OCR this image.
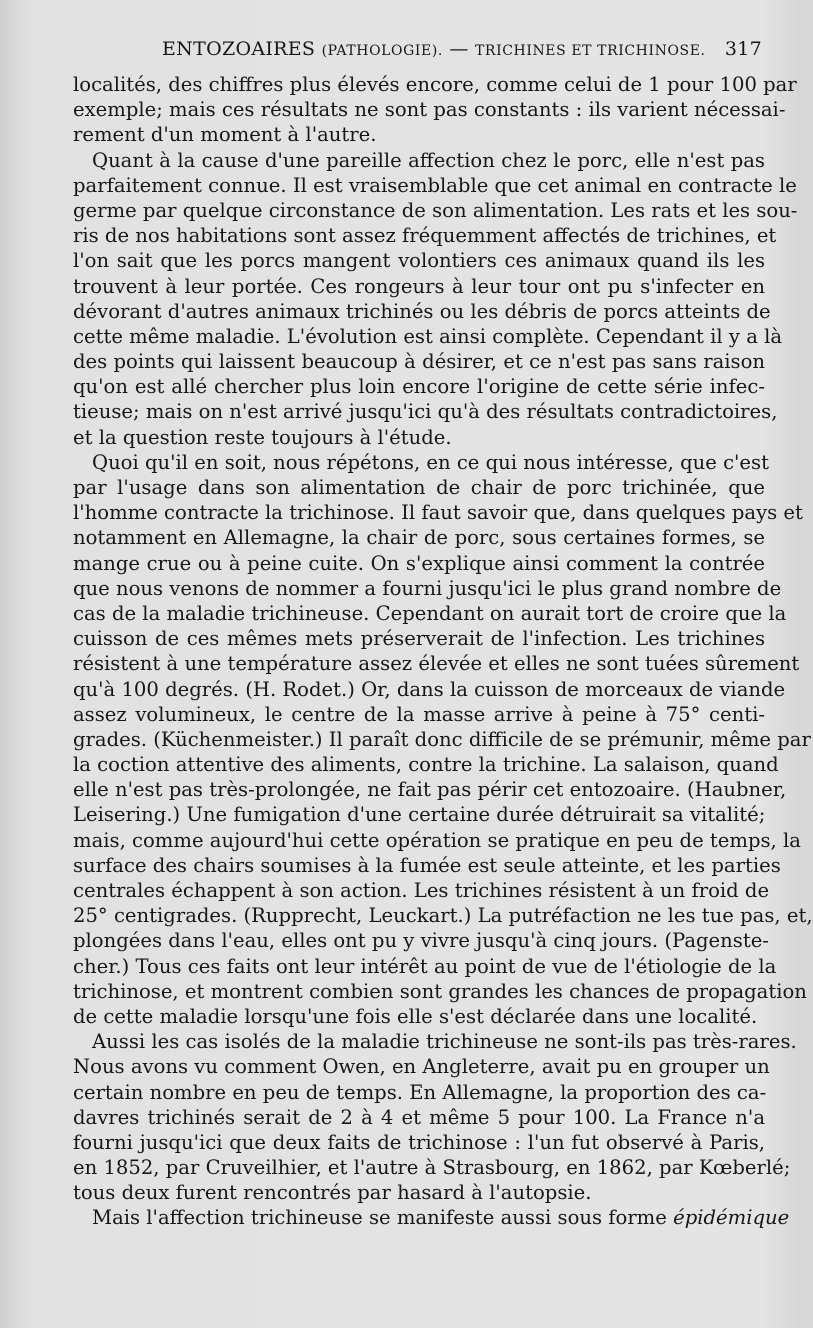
ENTOZOAIRES (PATHOLOGIE). — TRICHINES ET TRICHINOSE. 317
localités, des chiffres plus élevés encore, comme celui de 1 pour 100 par
exemple; mais ces résultats ne sont pas constants : ils varient nécessai-
rement d'un moment à l'autre.
Quant à la cause d'une pareille affection chez le porc, elle n'est pas
parfaitement connue. Il est vraisemblable que cet animal en contracte le
germe par quelque circonstance de son alimentation. Les rats et les sou-
ris de nos habitations sont assez fréquemment affectés de trichines, et
l'on sait que les porcs mangent volontiers ces animaux quand ils les
trouvent à leur portée. Ces rongeurs à leur tour ont pu s'infecter en
dévorant d'autres animaux trichinés ou les débris de porcs atteints de
cette même maladie. L'évolution est ainsi complète. Cependant il y a là
des points qui laissent beaucoup à désirer, et ce n'est pas sans raison
qu'on est allé chercher plus loin encore l'origine de cette série infec-
tieuse; mais on n'est arrivé jusqu'ici qu'à des résultats contradictoires,
et la question reste toujours à l'étude.
Quoi qu'il en soit, nous répétons, en ce qui nous intéresse, que c'est
par l'usage dans son alimentation de chair de porc trichinée, que
l'homme contracte la trichinose. Il faut savoir que, dans quelques pays et
notamment en Allemagne, la chair de porc, sous certaines formes, se
mange crue ou à peine cuite. On s'explique ainsi comment la contrée
que nous venons de nommer a fourni jusqu'ici le plus grand nombre de
cas de la maladie trichineuse. Cependant on aurait tort de croire que la
cuisson de ces mêmes mets préserverait de l'infection. Les trichines
résistent à une température assez élevée et elles ne sont tuées sûrement
qu'à 100 degrés. (H. Rodet.) Or, dans la cuisson de morceaux de viande
assez volumineux, le centre de la masse arrive à peine à 75° centi-
grades. (Küchenmeister.) Il paraît donc difficile de se prémunir, même par
la coction attentive des aliments, contre la trichine. La salaison, quand
elle n'est pas très-prolongée, ne fait pas périr cet entozoaire. (Haubner,
Leisering.) Une fumigation d'une certaine durée détruirait sa vitalité;
mais, comme aujourd'hui cette opération se pratique en peu de temps, la
surface des chairs soumises à la fumée est seule atteinte, et les parties
centrales échappent à son action. Les trichines résistent à un froid de
25° centigrades. (Rupprecht, Leuckart.) La putréfaction ne les tue pas, et,
plongées dans l'eau, elles ont pu y vivre jusqu'à cinq jours. (Pagenste-
cher.) Tous ces faits ont leur intérêt au point de vue de l'étiologie de la
trichinose, et montrent combien sont grandes les chances de propagation
de cette maladie lorsqu'une fois elle s'est déclarée dans une localité.
Aussi les cas isolés de la maladie trichineuse ne sont-ils pas très-rares.
Nous avons vu comment Owen, en Angleterre, avait pu en grouper un
certain nombre en peu de temps. En Allemagne, la proportion des ca-
davres trichinés serait de 2 à 4 et même 5 pour 100. La France n'a
fourni jusqu'ici que deux faits de trichinose : l'un fut observé à Paris,
en 1852, par Cruveilhier, et l'autre à Strasbourg, en 1862, par Kœberlé;
tous deux furent rencontrés par hasard à l'autopsie.
Mais l'affection trichineuse se manifeste aussi sous forme épidémique
